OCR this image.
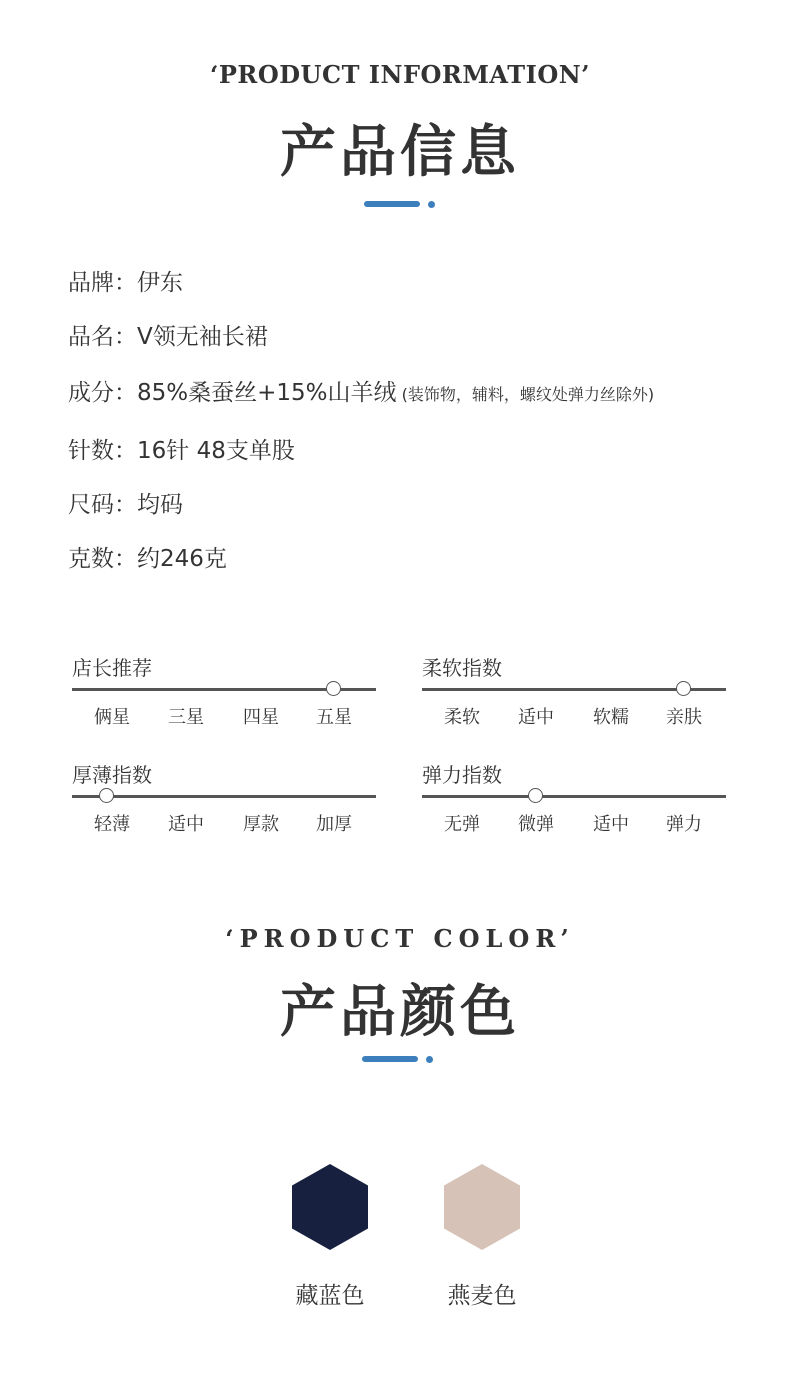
‘PRODUCT INFORMATION’
产品信息
品牌：伊东
品名：V领无袖长裙
成分：85%桑蚕丝+15%山羊绒 (装饰物，辅料，螺纹处弹力丝除外)
针数：16针 48支单股
尺码：均码
克数：约246克
店长推荐
俩星 三星 四星 五星
柔软指数
柔软 适中 软糯 亲肤
厚薄指数
轻薄 适中 厚款 加厚
弹力指数
无弹 微弹 适中 弹力
‘PRODUCT COLOR’
产品颜色
藏蓝色	燕麦色
